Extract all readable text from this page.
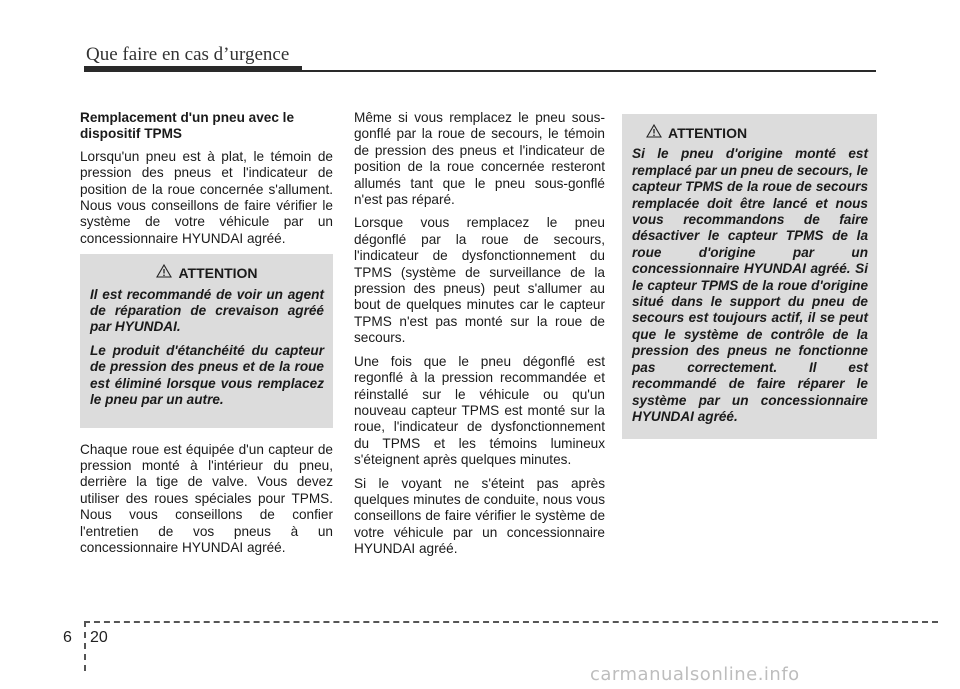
Que faire en cas d’urgence
Remplacement d'un pneu avec le dispositif TPMS

Lorsqu'un pneu est à plat, le témoin de pression des pneus et l'indicateur de position de la roue concernée s'allument. Nous vous conseillons de faire vérifier le système de votre véhicule par un concessionnaire HYUNDAI agréé.

ATTENTION

Il est recommandé de voir un agent de réparation de crevaison agréé par HYUNDAI.

Le produit d'étanchéité du capteur de pression des pneus et de la roue est éliminé lorsque vous remplacez le pneu par un autre.

Chaque roue est équipée d'un capteur de pression monté à l'intérieur du pneu, derrière la tige de valve. Vous devez utiliser des roues spéciales pour TPMS. Nous vous conseillons de confier l'entretien de vos pneus à un concessionnaire HYUNDAI agréé.

Même si vous remplacez le pneu sous-gonflé par la roue de secours, le témoin de pression des pneus et l'indicateur de position de la roue concernée resteront allumés tant que le pneu sous-gonflé n'est pas réparé.

Lorsque vous remplacez le pneu dégonflé par la roue de secours, l'indicateur de dysfonctionnement du TPMS (système de surveillance de la pression des pneus) peut s'allumer au bout de quelques minutes car le capteur TPMS n'est pas monté sur la roue de secours.

Une fois que le pneu dégonflé est regonflé à la pression recommandée et réinstallé sur le véhicule ou qu'un nouveau capteur TPMS est monté sur la roue, l'indicateur de dysfonctionnement du TPMS et les témoins lumineux s'éteignent après quelques minutes.

Si le voyant ne s'éteint pas après quelques minutes de conduite, nous vous conseillons de faire vérifier le système de votre véhicule par un concessionnaire HYUNDAI agréé.

ATTENTION

Si le pneu d'origine monté est remplacé par un pneu de secours, le capteur TPMS de la roue de secours remplacée doit être lancé et nous vous recommandons de faire désactiver le capteur TPMS de la roue d'origine par un concessionnaire HYUNDAI agréé. Si le capteur TPMS de la roue d'origine situé dans le support du pneu de secours est toujours actif, il se peut que le système de contrôle de la pression des pneus ne fonctionne pas correctement. Il est recommandé de faire réparer le système par un concessionnaire HYUNDAI agréé.

6 20
carmanualsonline.info
